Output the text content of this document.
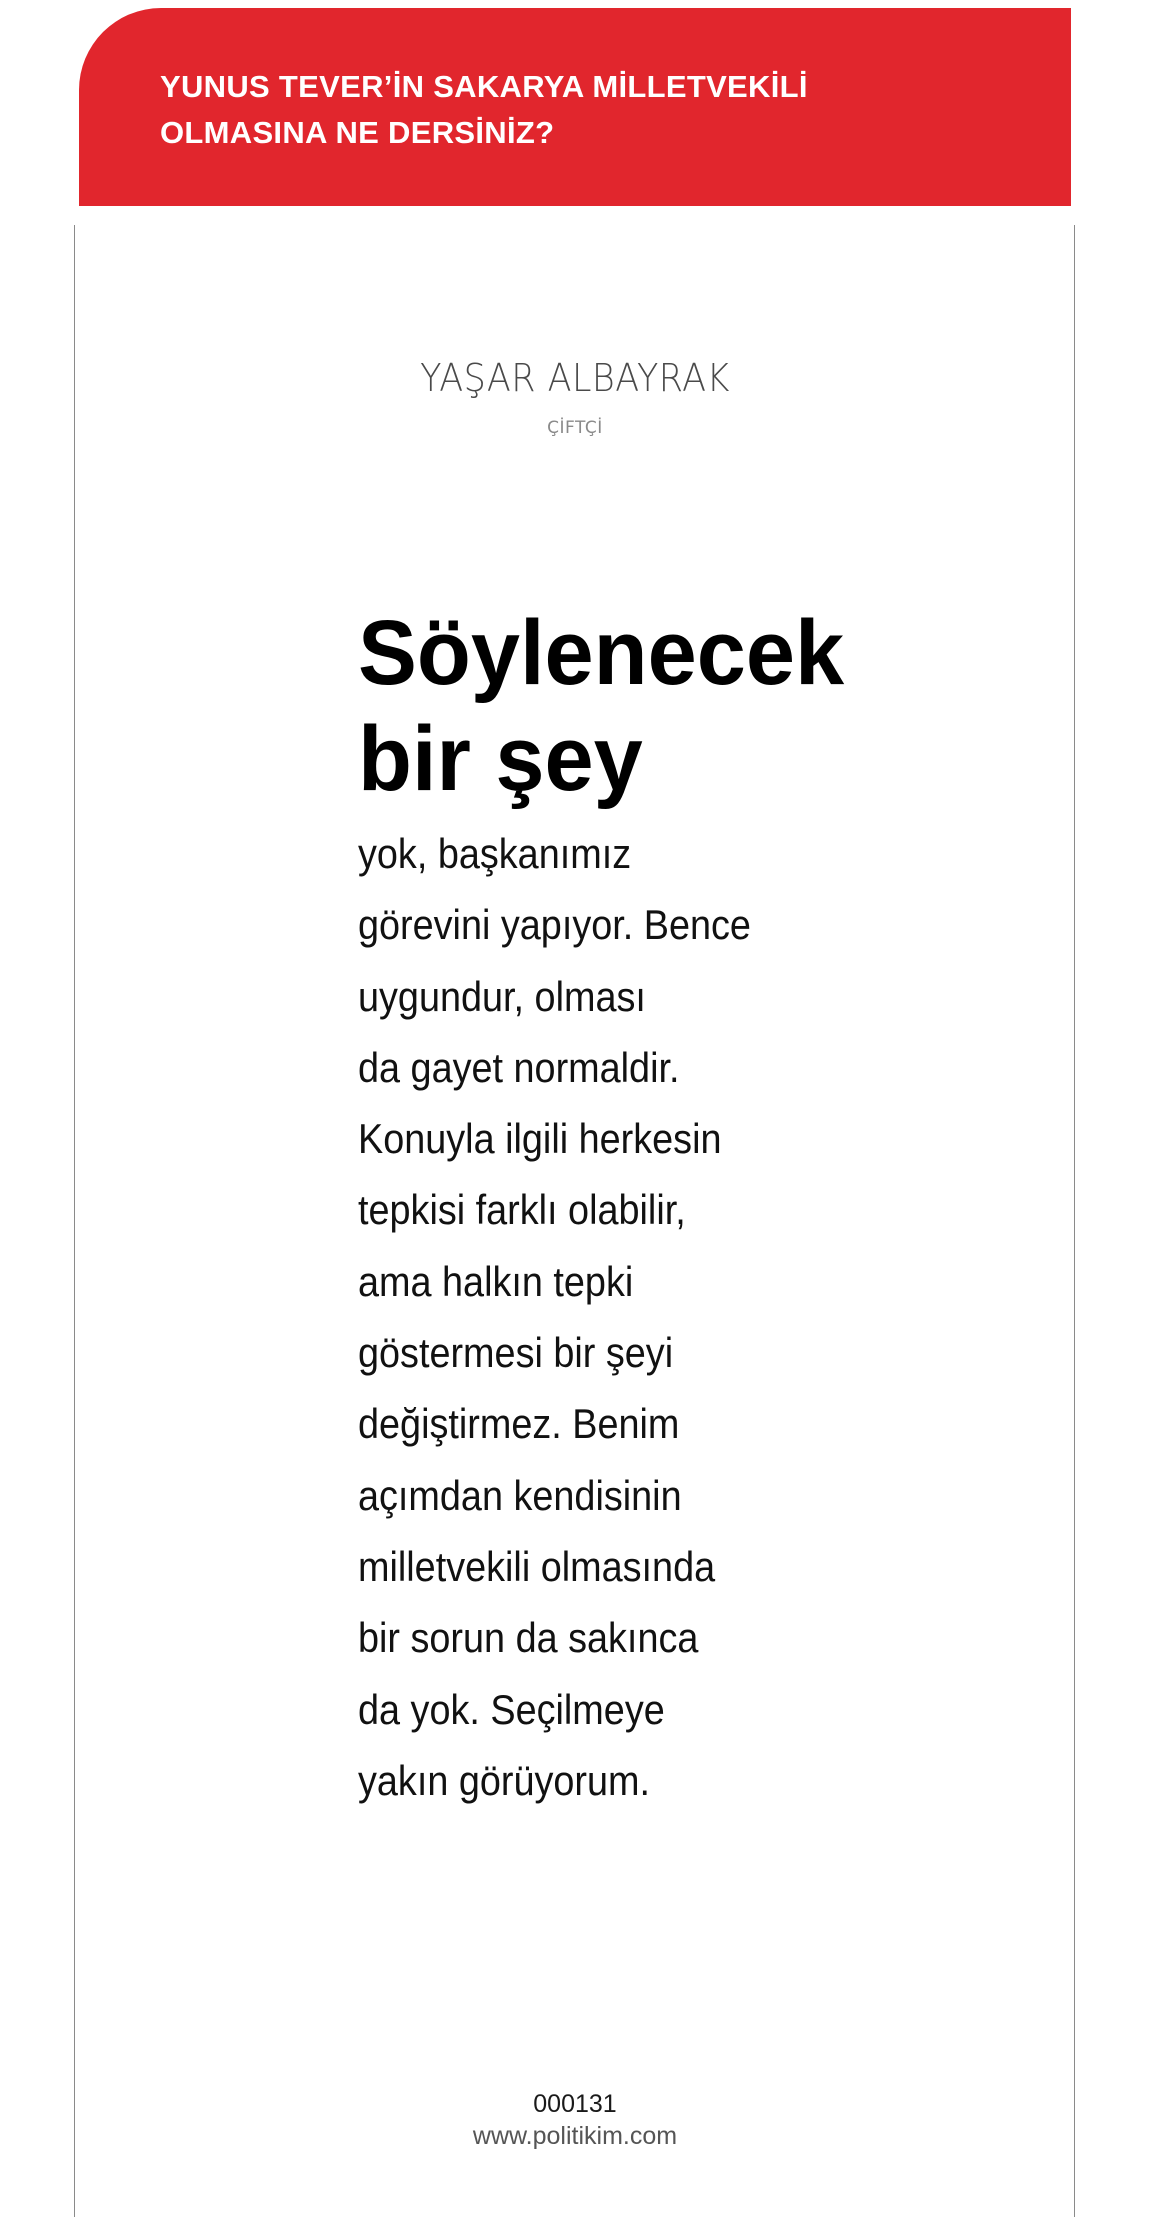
YUNUS TEVER’İN SAKARYA MİLLETVEKİLİ
OLMASINA NE DERSİNİZ?
YAŞAR ALBAYRAK
ÇİFTÇİ
Söylenecek
bir şey
yok, başkanımız
görevini yapıyor. Bence
uygundur, olması
da gayet normaldir.
Konuyla ilgili herkesin
tepkisi farklı olabilir,
ama halkın tepki
göstermesi bir şeyi
değiştirmez. Benim
açımdan kendisinin
milletvekili olmasında
bir sorun da sakınca
da yok. Seçilmeye
yakın görüyorum.
000131
www.politikim.com
